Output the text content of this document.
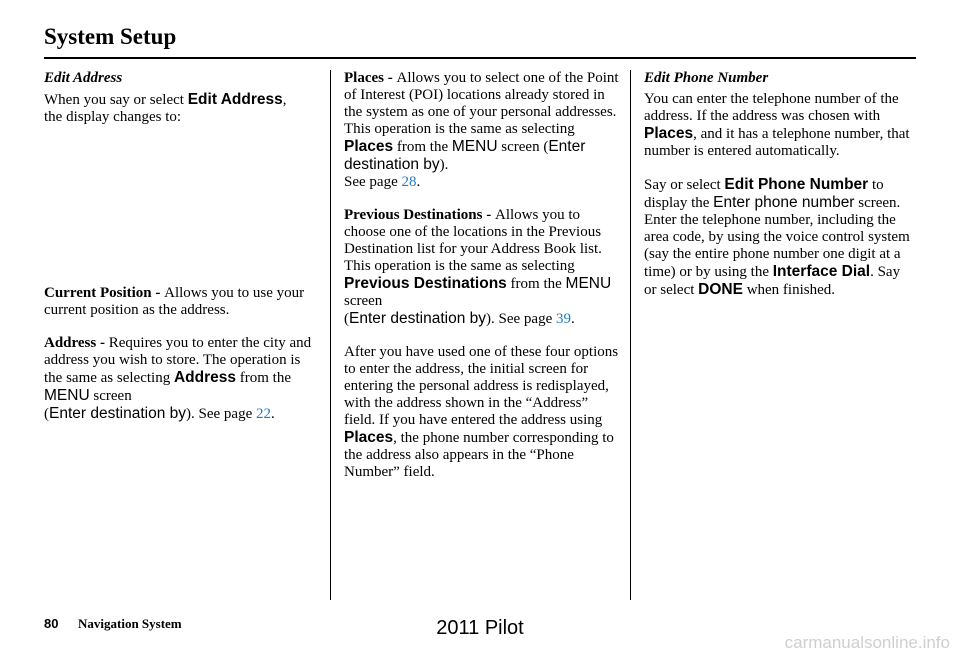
System Setup

Edit Address

When you say or select Edit Address,
the display changes to:

Current Position - Allows you to use your current position as the address.

Address - Requires you to enter the city and address you wish to store. The operation is the same as selecting Address from the MENU screen
(Enter destination by). See page 22.

Places - Allows you to select one of the Point of Interest (POI) locations already stored in the system as one of your personal addresses. This operation is the same as selecting Places from the MENU screen (Enter destination by).
See page 28.

Previous Destinations - Allows you to choose one of the locations in the Previous Destination list for your Address Book list. This operation is the same as selecting Previous Destinations from the MENU screen
(Enter destination by). See page 39.

After you have used one of these four options to enter the address, the initial screen for entering the personal address is redisplayed, with the address shown in the “Address” field. If you have entered the address using Places, the phone number corresponding to the address also appears in the “Phone Number” field.

Edit Phone Number

You can enter the telephone number of the address. If the address was chosen with Places, and it has a telephone number, that number is entered automatically.

Say or select Edit Phone Number to display the Enter phone number screen. Enter the telephone number, including the area code, by using the voice control system (say the entire phone number one digit at a time) or by using the Interface Dial. Say or select DONE when finished.

80 Navigation System	2011 Pilot
carmanualsonline.info
